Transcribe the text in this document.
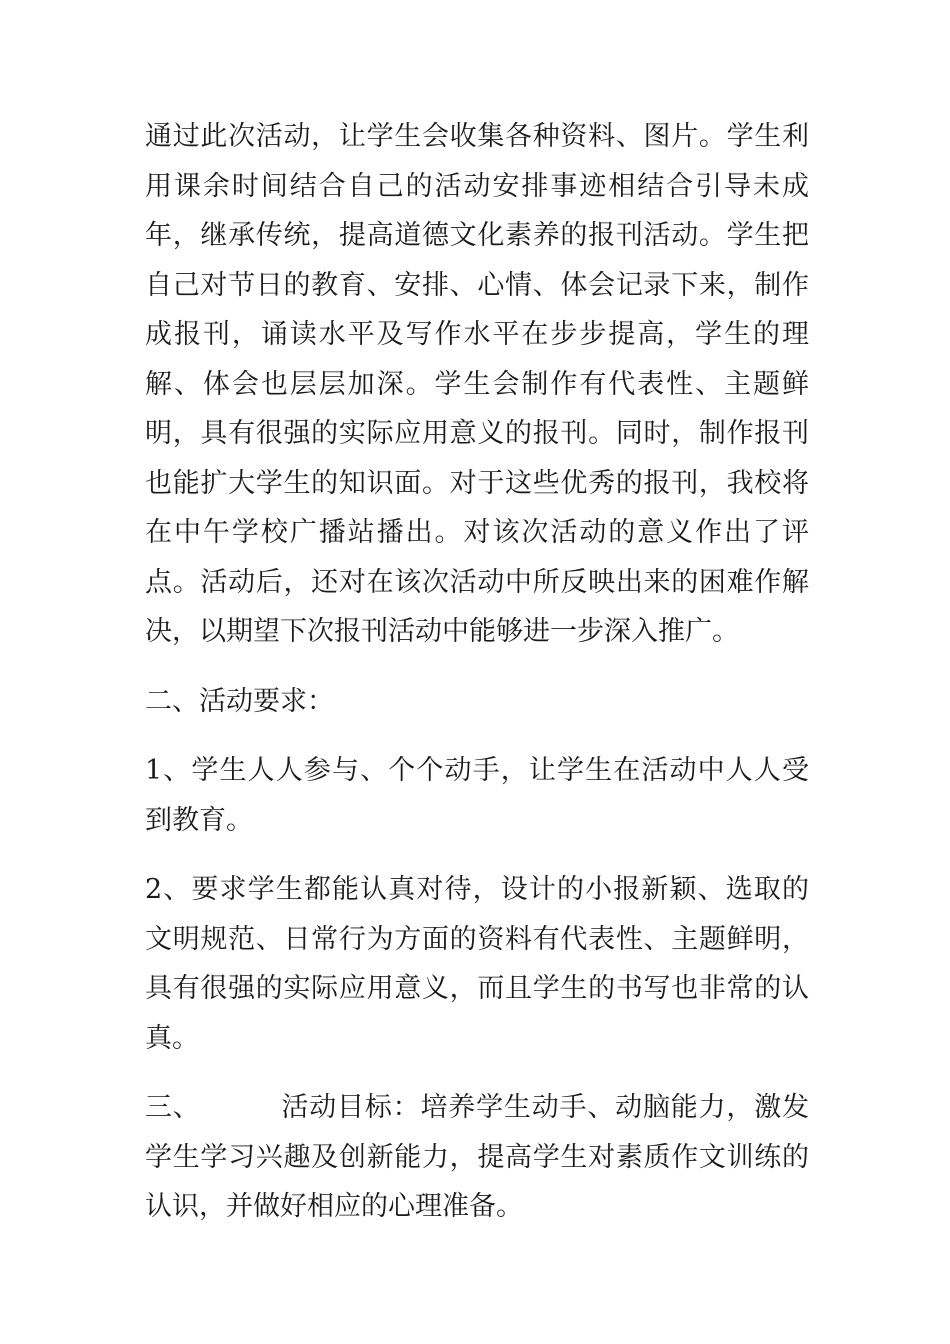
通过此次活动，让学生会收集各种资料、图片。学生利用课余时间结合自己的活动安排事迹相结合引导未成年，继承传统，提高道德文化素养的报刊活动。学生把自己对节日的教育、安排、心情、体会记录下来，制作成报刊，诵读水平及写作水平在步步提高，学生的理解、体会也层层加深。学生会制作有代表性、主题鲜明，具有很强的实际应用意义的报刊。同时，制作报刊也能扩大学生的知识面。对于这些优秀的报刊，我校将在中午学校广播站播出。对该次活动的意义作出了评点。活动后，还对在该次活动中所反映出来的困难作解决，以期望下次报刊活动中能够进一步深入推广。

二、活动要求：

1、学生人人参与、个个动手，让学生在活动中人人受到教育。

2、要求学生都能认真对待，设计的小报新颖、选取的文明规范、日常行为方面的资料有代表性、主题鲜明，具有很强的实际应用意义，而且学生的书写也非常的认真。

三、	活动目标：培养学生动手、动脑能力，激发学生学习兴趣及创新能力，提高学生对素质作文训练的认识，并做好相应的心理准备。
